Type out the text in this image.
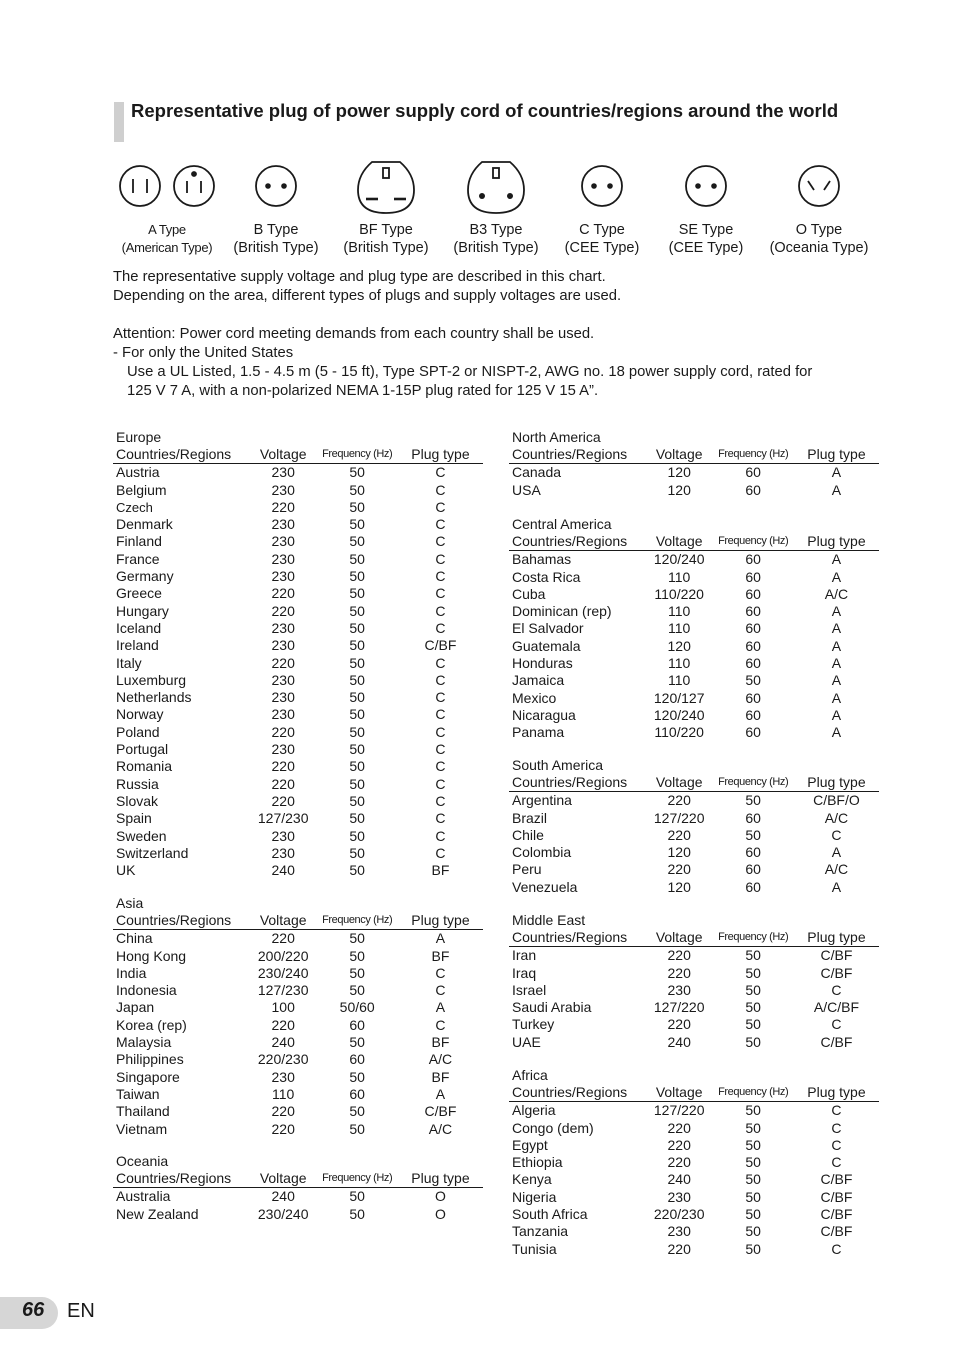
Representative plug of power supply cord of countries/regions around the world
A Type
(American Type)
B Type
(British Type)
BF Type
(British Type)
B3 Type
(British Type)
C Type
(CEE Type)
SE Type
(CEE Type)
O Type
(Oceania Type)
The representative supply voltage and plug type are described in this chart.
Depending on the area, different types of plugs and supply voltages are used.
Attention: Power cord meeting demands from each country shall be used.
- For only the United States
Use a UL Listed, 1.5 - 4.5 m (5 - 15 ft), Type SPT-2 or NISPT-2, AWG no. 18 power supply cord, rated for
125 V 7 A, with a non-polarized NEMA 1-15P plug rated for 125 V 15 A”.
Europe
Countries/Regions	Voltage	Frequency (Hz)	Plug type
Austria	230	50	C
Belgium	230	50	C
Czech	220	50	C
Denmark	230	50	C
Finland	230	50	C
France	230	50	C
Germany	230	50	C
Greece	220	50	C
Hungary	220	50	C
Iceland	230	50	C
Ireland	230	50	C/BF
Italy	220	50	C
Luxemburg	230	50	C
Netherlands	230	50	C
Norway	230	50	C
Poland	220	50	C
Portugal	230	50	C
Romania	220	50	C
Russia	220	50	C
Slovak	220	50	C
Spain	127/230	50	C
Sweden	230	50	C
Switzerland	230	50	C
UK	240	50	BF
Asia
Countries/Regions	Voltage	Frequency (Hz)	Plug type
China	220	50	A
Hong Kong	200/220	50	BF
India	230/240	50	C
Indonesia	127/230	50	C
Japan	100	50/60	A
Korea (rep)	220	60	C
Malaysia	240	50	BF
Philippines	220/230	60	A/C
Singapore	230	50	BF
Taiwan	110	60	A
Thailand	220	50	C/BF
Vietnam	220	50	A/C
Oceania
Countries/Regions	Voltage	Frequency (Hz)	Plug type
Australia	240	50	O
New Zealand	230/240	50	O
North America
Countries/Regions	Voltage	Frequency (Hz)	Plug type
Canada	120	60	A
USA	120	60	A
Central America
Countries/Regions	Voltage	Frequency (Hz)	Plug type
Bahamas	120/240	60	A
Costa Rica	110	60	A
Cuba	110/220	60	A/C
Dominican (rep)	110	60	A
El Salvador	110	60	A
Guatemala	120	60	A
Honduras	110	60	A
Jamaica	110	50	A
Mexico	120/127	60	A
Nicaragua	120/240	60	A
Panama	110/220	60	A
South America
Countries/Regions	Voltage	Frequency (Hz)	Plug type
Argentina	220	50	C/BF/O
Brazil	127/220	60	A/C
Chile	220	50	C
Colombia	120	60	A
Peru	220	60	A/C
Venezuela	120	60	A
Middle East
Countries/Regions	Voltage	Frequency (Hz)	Plug type
Iran	220	50	C/BF
Iraq	220	50	C/BF
Israel	230	50	C
Saudi Arabia	127/220	50	A/C/BF
Turkey	220	50	C
UAE	240	50	C/BF
Africa
Countries/Regions	Voltage	Frequency (Hz)	Plug type
Algeria	127/220	50	C
Congo (dem)	220	50	C
Egypt	220	50	C
Ethiopia	220	50	C
Kenya	240	50	C/BF
Nigeria	230	50	C/BF
South Africa	220/230	50	C/BF
Tanzania	230	50	C/BF
Tunisia	220	50	C
66 EN
